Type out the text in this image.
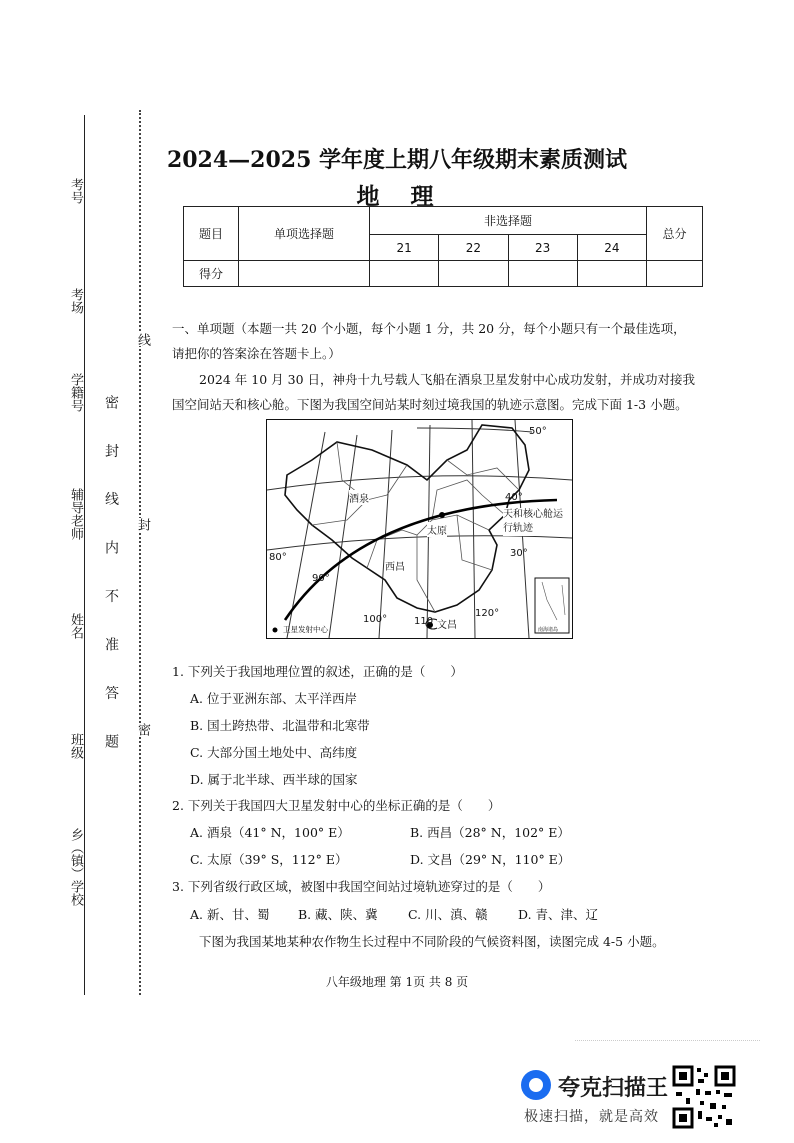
考号
考场
学籍号
辅导老师
姓名
班级
乡（镇）学校
密 封 线 内 不 准 答 题
线
封
密
2024—2025 学年度上期八年级期末素质测试
地　理
题目	单项选择题	非选择题				总分
		21	22	23	24	
得分						
一、单项题（本题一共 20 个小题，每个小题 1 分，共 20 分，每个小题只有一个最佳选项，
请把你的答案涂在答题卡上。）
2024 年 10 月 30 日，神舟十九号载人飞船在酒泉卫星发射中心成功发射，并成功对接我
国空间站天和核心舱。下图为我国空间站某时刻过境我国的轨迹示意图。完成下面 1-3 小题。
50°
40°
30°
80°
90°
100°	110
120°
酒泉
太原
西昌
文昌
天和核心舱运行轨迹
卫星发射中心	南海诸岛
1. 下列关于我国地理位置的叙述，正确的是（　　）
A. 位于亚洲东部、太平洋西岸
B. 国土跨热带、北温带和北寒带
C. 大部分国土地处中、高纬度
D. 属于北半球、西半球的国家
2. 下列关于我国四大卫星发射中心的坐标正确的是（　　）
A. 酒泉（41° N，100° E）	B. 西昌（28° N，102° E）
C. 太原（39° S，112° E）	D. 文昌（29° N，110° E）
3. 下列省级行政区域，被图中我国空间站过境轨迹穿过的是（　　）
A. 新、甘、蜀 B. 藏、陕、冀 C. 川、滇、赣 D. 青、津、辽
下图为我国某地某种农作物生长过程中不同阶段的气候资料图，读图完成 4-5 小题。
八年级地理 第 1页 共 8 页
夸克扫描王
极速扫描，就是高效
